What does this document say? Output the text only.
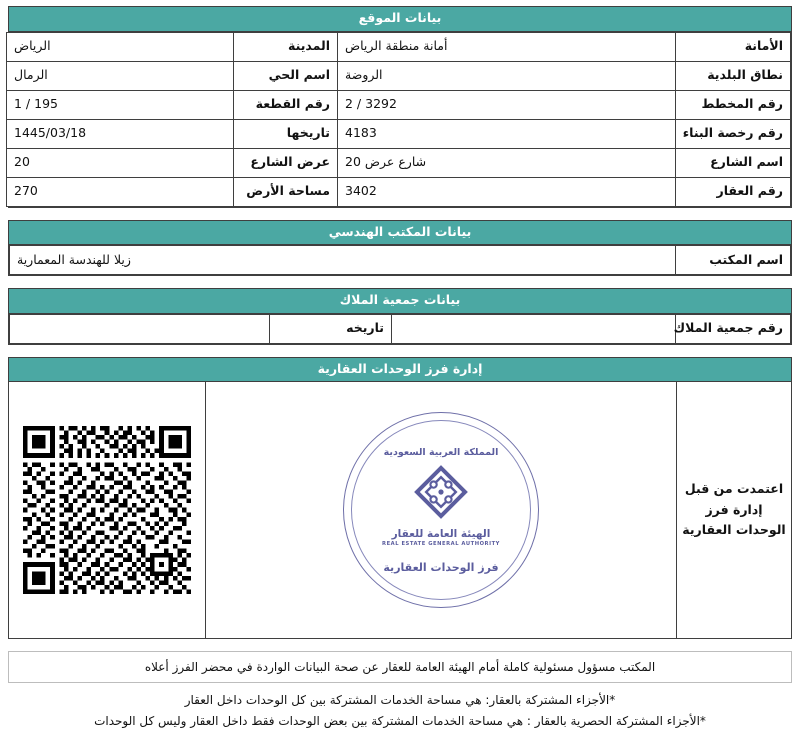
بيانات الموقع
الأمانة	أمانة منطقة الرياض	المدينة	الرياض
نطاق البلدية	الروضة	اسم الحي	الرمال
رقم المخطط	3292 / 2	رقم القطعة	195 / 1
رقم رخصة البناء	4183	تاريخها	1445/03/18
اسم الشارع	شارع عرض 20	عرض الشارع	20
رقم العقار	3402	مساحة الأرض	270
بيانات المكتب الهندسي
اسم المكتب	زيلا للهندسة المعمارية
بيانات جمعية الملاك
رقم جمعية الملاك		تاريخه	
إدارة فرز الوحدات العقارية
اعتمدت من قبل
إدارة فرز
الوحدات العقارية
المملكة العربية السعودية
الهيئة العامة للعقار
REAL ESTATE GENERAL AUTHORITY
فرز الوحدات العقارية
المكتب مسؤول مسئولية كاملة أمام الهيئة العامة للعقار عن صحة البيانات الواردة في محضر الفرز أعلاه
*الأجزاء المشتركة بالعقار: هي مساحة الخدمات المشتركة بين كل الوحدات داخل العقار
*الأجزاء المشتركة الحصرية بالعقار : هي مساحة الخدمات المشتركة بين بعض الوحدات فقط داخل العقار وليس كل الوحدات
